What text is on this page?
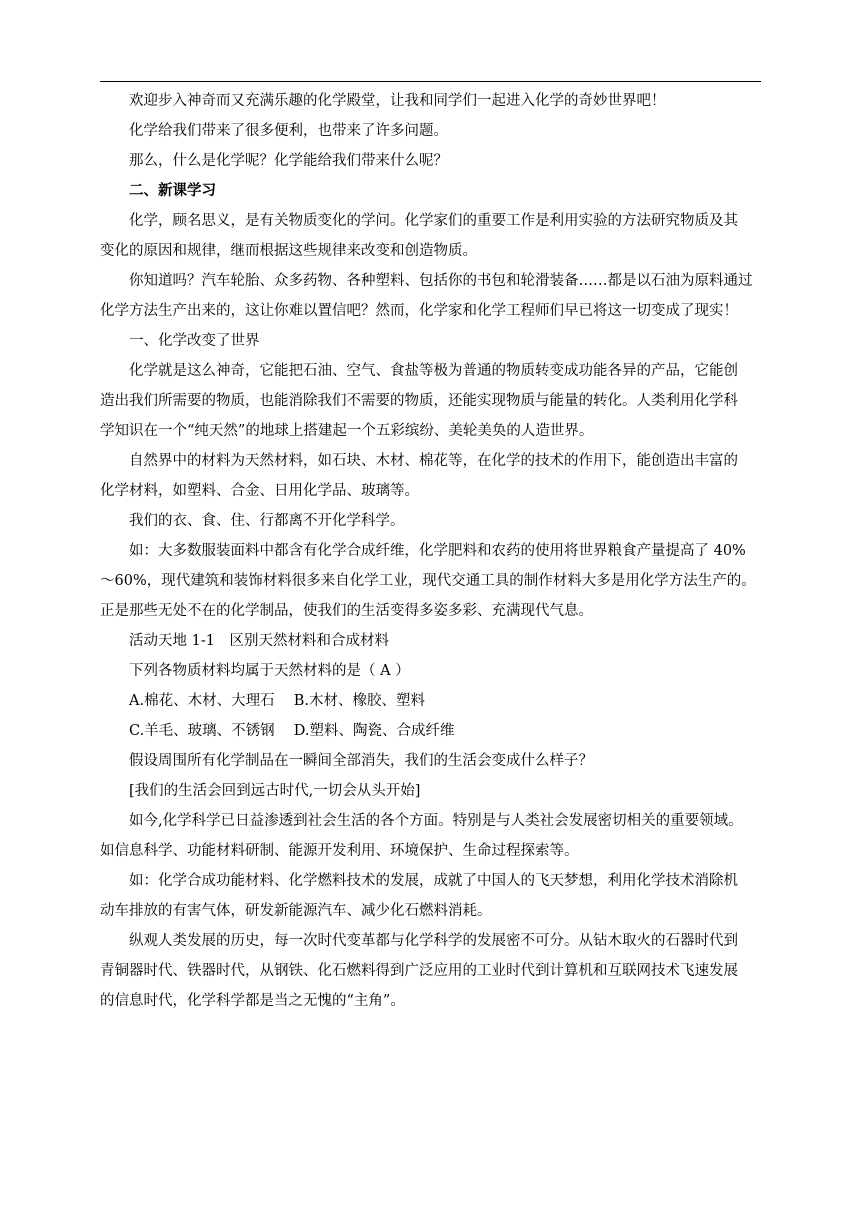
欢迎步入神奇而又充满乐趣的化学殿堂，让我和同学们一起进入化学的奇妙世界吧！

化学给我们带来了很多便利，也带来了许多问题。

那么，什么是化学呢？化学能给我们带来什么呢？

二、新课学习

化学，顾名思义，是有关物质变化的学问。化学家们的重要工作是利用实验的方法研究物质及其

变化的原因和规律，继而根据这些规律来改变和创造物质。

你知道吗？汽车轮胎、众多药物、各种塑料、包括你的书包和轮滑装备……都是以石油为原料通过

化学方法生产出来的，这让你难以置信吧？然而，化学家和化学工程师们早已将这一切变成了现实！

一、化学改变了世界

化学就是这么神奇，它能把石油、空气、食盐等极为普通的物质转变成功能各异的产品，它能创

造出我们所需要的物质，也能消除我们不需要的物质，还能实现物质与能量的转化。人类利用化学科

学知识在一个“纯天然”的地球上搭建起一个五彩缤纷、美轮美奂的人造世界。

自然界中的材料为天然材料，如石块、木材、棉花等，在化学的技术的作用下，能创造出丰富的

化学材料，如塑料、合金、日用化学品、玻璃等。

我们的衣、食、住、行都离不开化学科学。

如：大多数服装面料中都含有化学合成纤维，化学肥料和农药的使用将世界粮食产量提高了 40%

～60%，现代建筑和装饰材料很多来自化学工业，现代交通工具的制作材料大多是用化学方法生产的。

正是那些无处不在的化学制品，使我们的生活变得多姿多彩、充满现代气息。

活动天地 1-1　区别天然材料和合成材料

下列各物质材料均属于天然材料的是（ A ）

A.棉花、木材、大理石　 B.木材、橡胶、塑料

C.羊毛、玻璃、不锈钢　 D.塑料、陶瓷、合成纤维

假设周围所有化学制品在一瞬间全部消失，我们的生活会变成什么样子？

[我们的生活会回到远古时代,一切会从头开始]

如今,化学科学已日益渗透到社会生活的各个方面。特别是与人类社会发展密切相关的重要领域。

如信息科学、功能材料研制、能源开发利用、环境保护、生命过程探索等。

如：化学合成功能材料、化学燃料技术的发展，成就了中国人的飞天梦想，利用化学技术消除机

动车排放的有害气体，研发新能源汽车、减少化石燃料消耗。

纵观人类发展的历史，每一次时代变革都与化学科学的发展密不可分。从钻木取火的石器时代到

青铜器时代、铁器时代，从钢铁、化石燃料得到广泛应用的工业时代到计算机和互联网技术飞速发展

的信息时代，化学科学都是当之无愧的“主角”。
